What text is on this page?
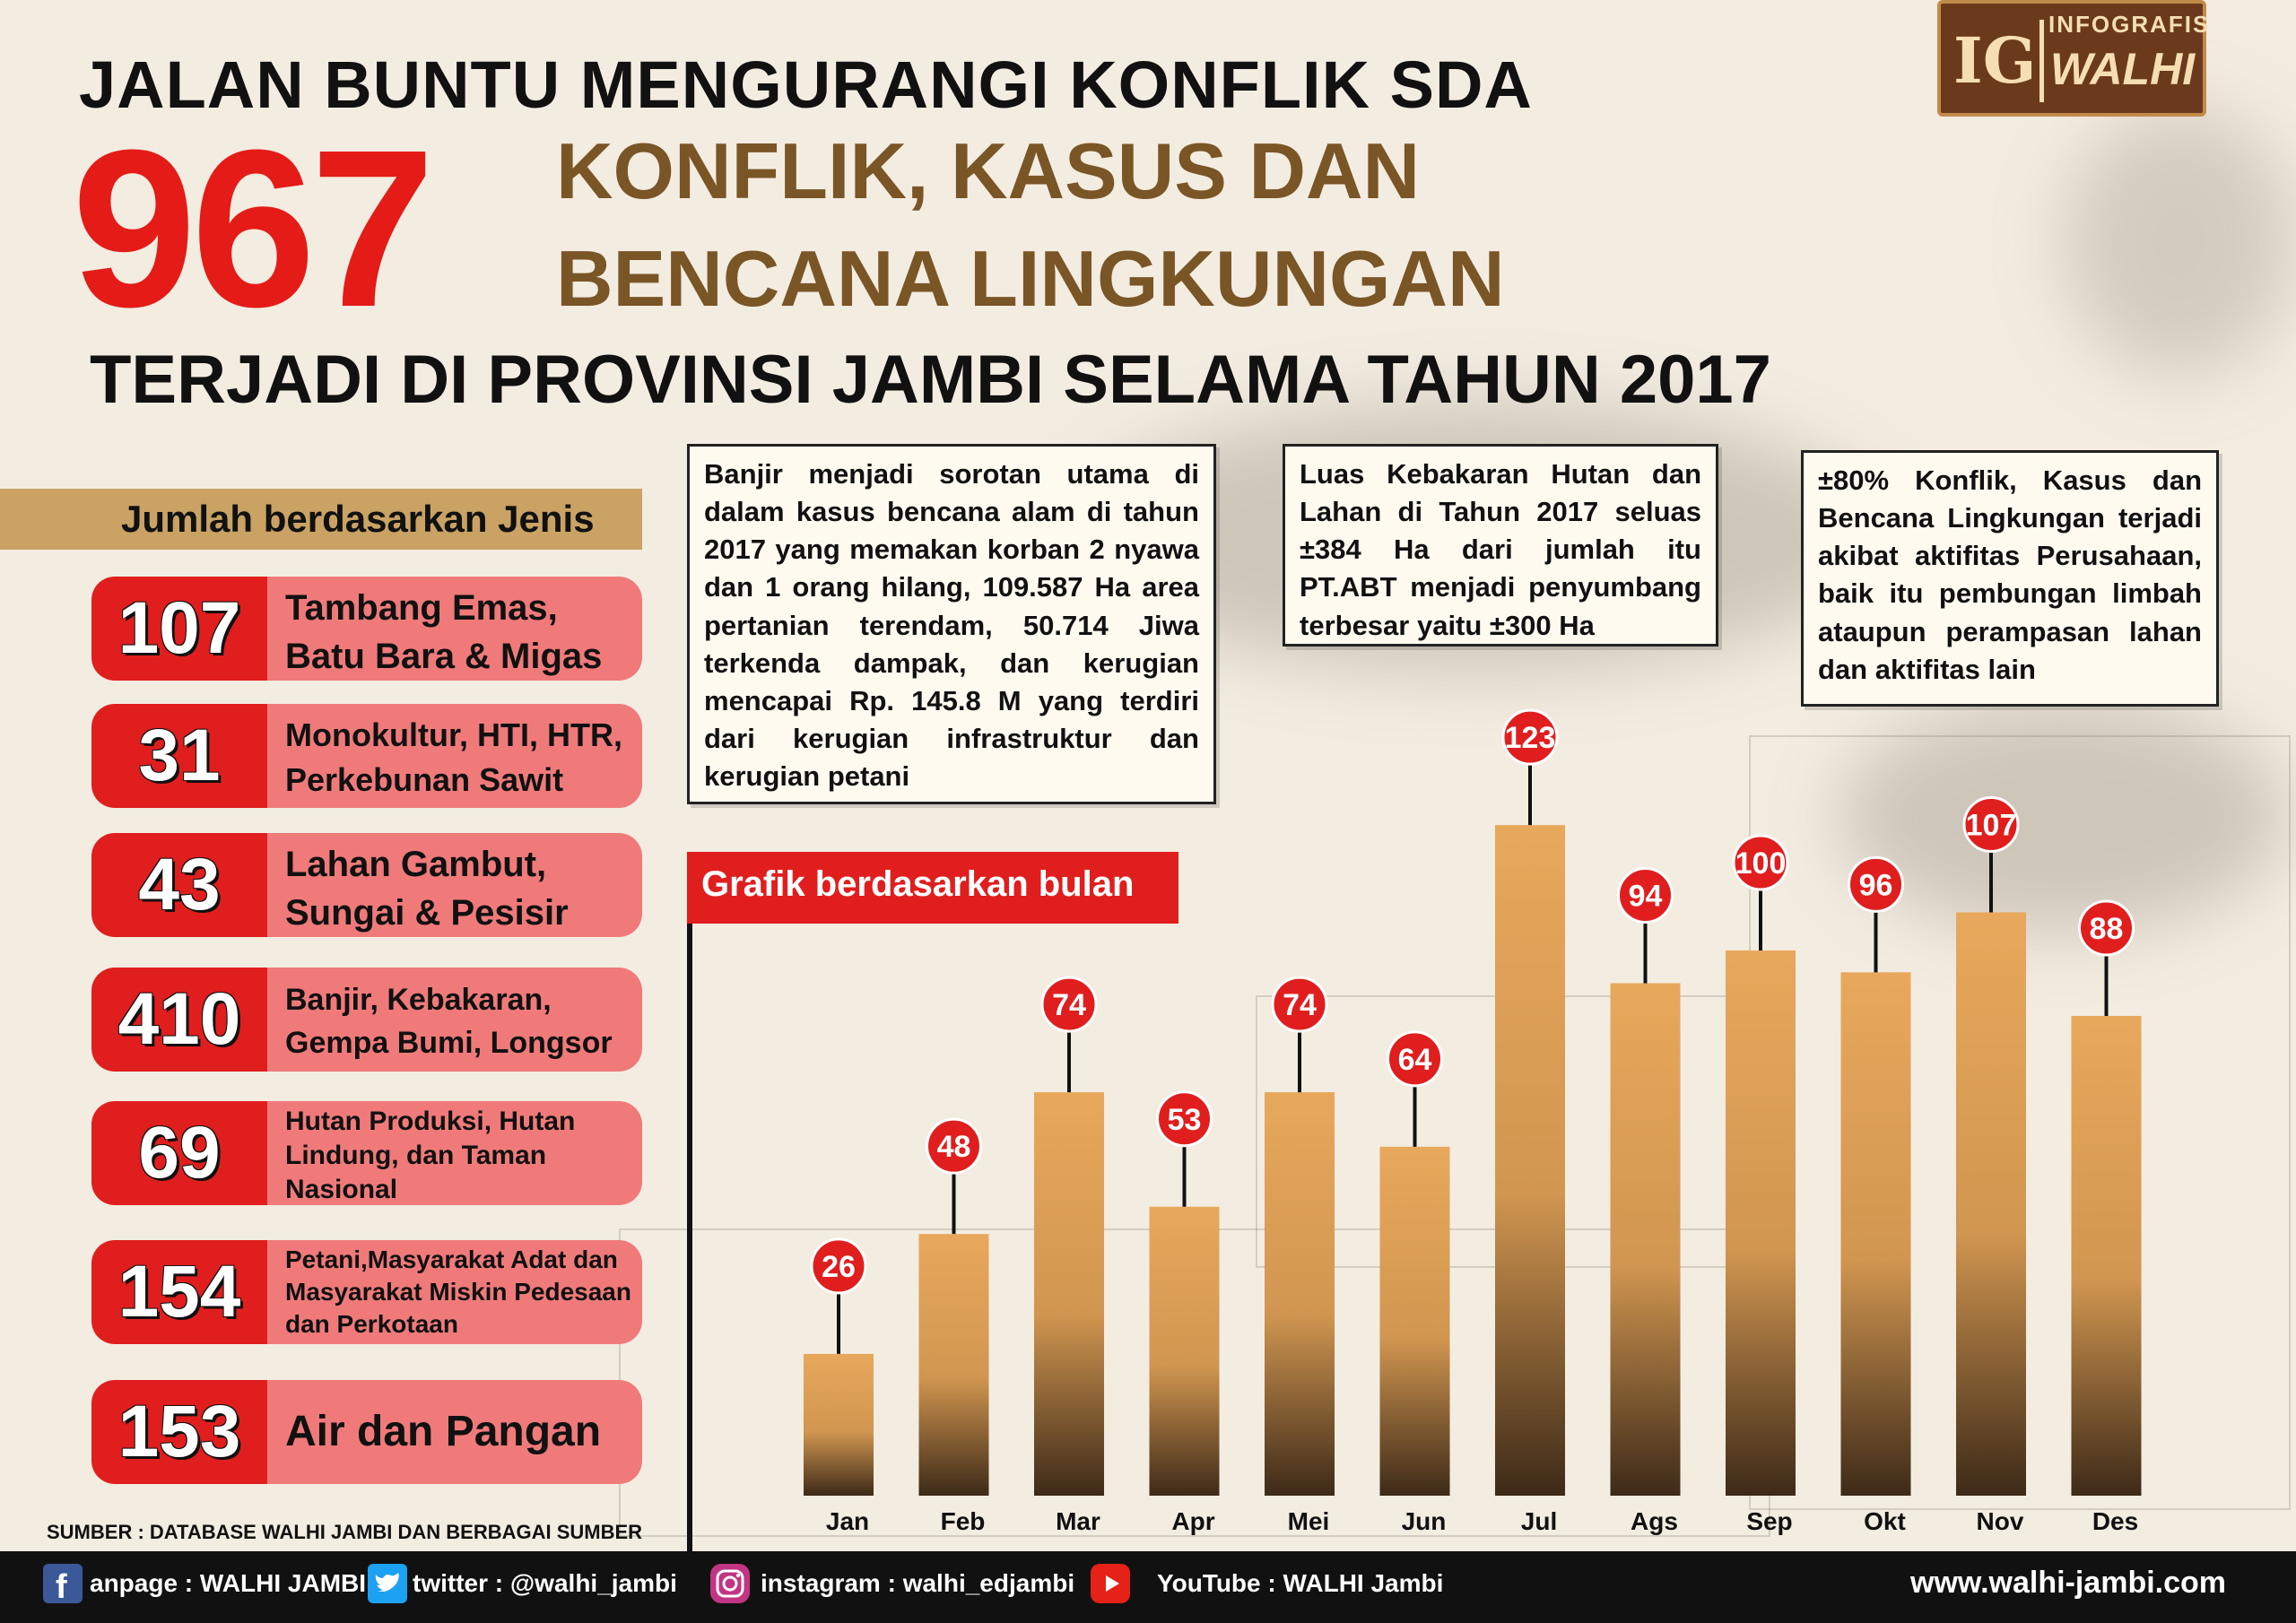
JALAN BUNTU MENGURANGI KONFLIK SDA
967 KONFLIK, KASUS DAN
BENCANA LINGKUNGAN
TERJADI DI PROVINSI JAMBI SELAMA TAHUN 2017
IG INFOGRAFIS
WALHI
Jumlah berdasarkan Jenis
107	Tambang Emas, Batu Bara & Migas
31	Monokultur, HTI, HTR, Perkebunan Sawit
43	Lahan Gambut, Sungai & Pesisir
410	Banjir, Kebakaran, Gempa Bumi, Longsor
69	Hutan Produksi, Hutan Lindung, dan Taman Nasional
154	Petani,Masyarakat Adat dan Masyarakat Miskin Pedesaan dan Perkotaan
153	Air dan Pangan
SUMBER : DATABASE WALHI JAMBI DAN BERBAGAI SUMBER
Banjir menjadi sorotan utama di dalam kasus bencana alam di tahun 2017 yang memakan korban 2 nyawa dan 1 orang hilang, 109.587 Ha area pertanian terendam, 50.714 Jiwa terkenda dampak, dan kerugian mencapai Rp. 145.8 M yang terdiri dari kerugian infrastruktur dan kerugian petani
Luas Kebakaran Hutan dan Lahan di Tahun 2017 seluas ±384 Ha dari jumlah itu PT.ABT menjadi penyumbang terbesar yaitu ±300 Ha
±80% Konflik, Kasus dan Bencana Lingkungan terjadi akibat aktifitas Perusahaan, baik itu pembungan limbah ataupun perampasan lahan dan aktifitas lain
Grafik berdasarkan bulan
26
Jan
48
Feb
74
Mar
53
Apr
74
Mei
64
Jun
123
Jul
94
Ags
100
Sep
96
Okt
107
Nov
88
Des
f anpage : WALHI JAMBI twitter : @walhi_jambi	instagram : walhi_edjambi	YouTube : WALHI Jambi	www.walhi-jambi.com
